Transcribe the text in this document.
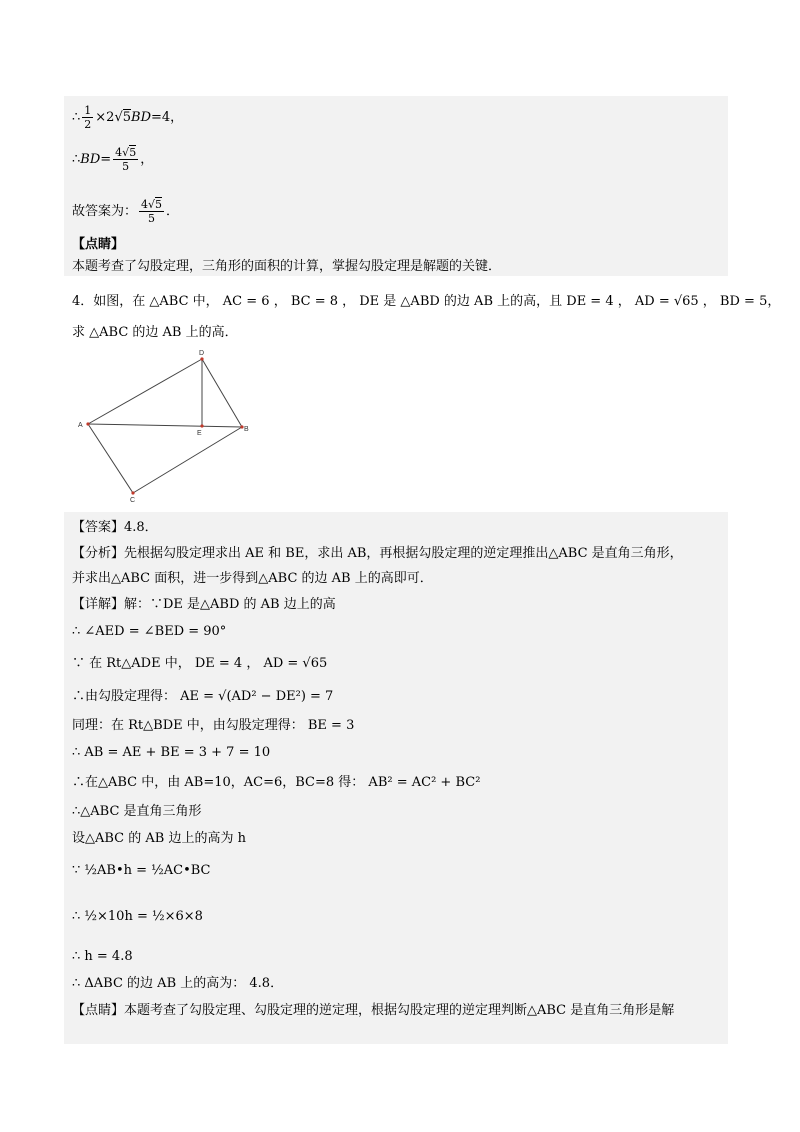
∴ $\frac{1}{2} \times 2√5BD=4$，
∴BD= $\frac{4√5}{5}$ ，
故答案为： $\frac{4√5}{5}$ ．
【点睛】
本题考查了勾股定理，三角形的面积的计算，掌握勾股定理是解题的关键．
4．如图，在 △ABC 中， AC = 6 ， BC = 8 ， DE 是 △ABD 的边 AB 上的高，且 DE = 4 ， AD = √65 ， BD = 5，
求 △ABC 的边 AB 上的高．
A
D
B
E
C
【答案】4.8．
【分析】先根据勾股定理求出 AE 和 BE，求出 AB，再根据勾股定理的逆定理推出△ABC 是直角三角形，
并求出△ABC 面积，进一步得到△ABC 的边 AB 上的高即可．
【详解】解：∵DE 是△ABD 的 AB 边上的高
∴ ∠AED = ∠BED = 90°
∵ 在 Rt△ADE 中， DE = 4 ， AD = √65
∴由勾股定理得： AE = √(AD² − DE²) = 7
同理：在 Rt△BDE 中，由勾股定理得： BE = 3
∴ AB = AE + BE = 3 + 7 = 10
∴在△ABC 中，由 AB=10，AC=6，BC=8 得： AB² = AC² + BC²
∴△ABC 是直角三角形
设△ABC 的 AB 边上的高为 h
∵ ½AB•h = ½AC•BC
∴ ½×10h = ½×6×8
∴ h = 4.8
∴ ΔABC 的边 AB 上的高为： 4.8．
【点睛】本题考查了勾股定理、勾股定理的逆定理，根据勾股定理的逆定理判断△ABC 是直角三角形是解
